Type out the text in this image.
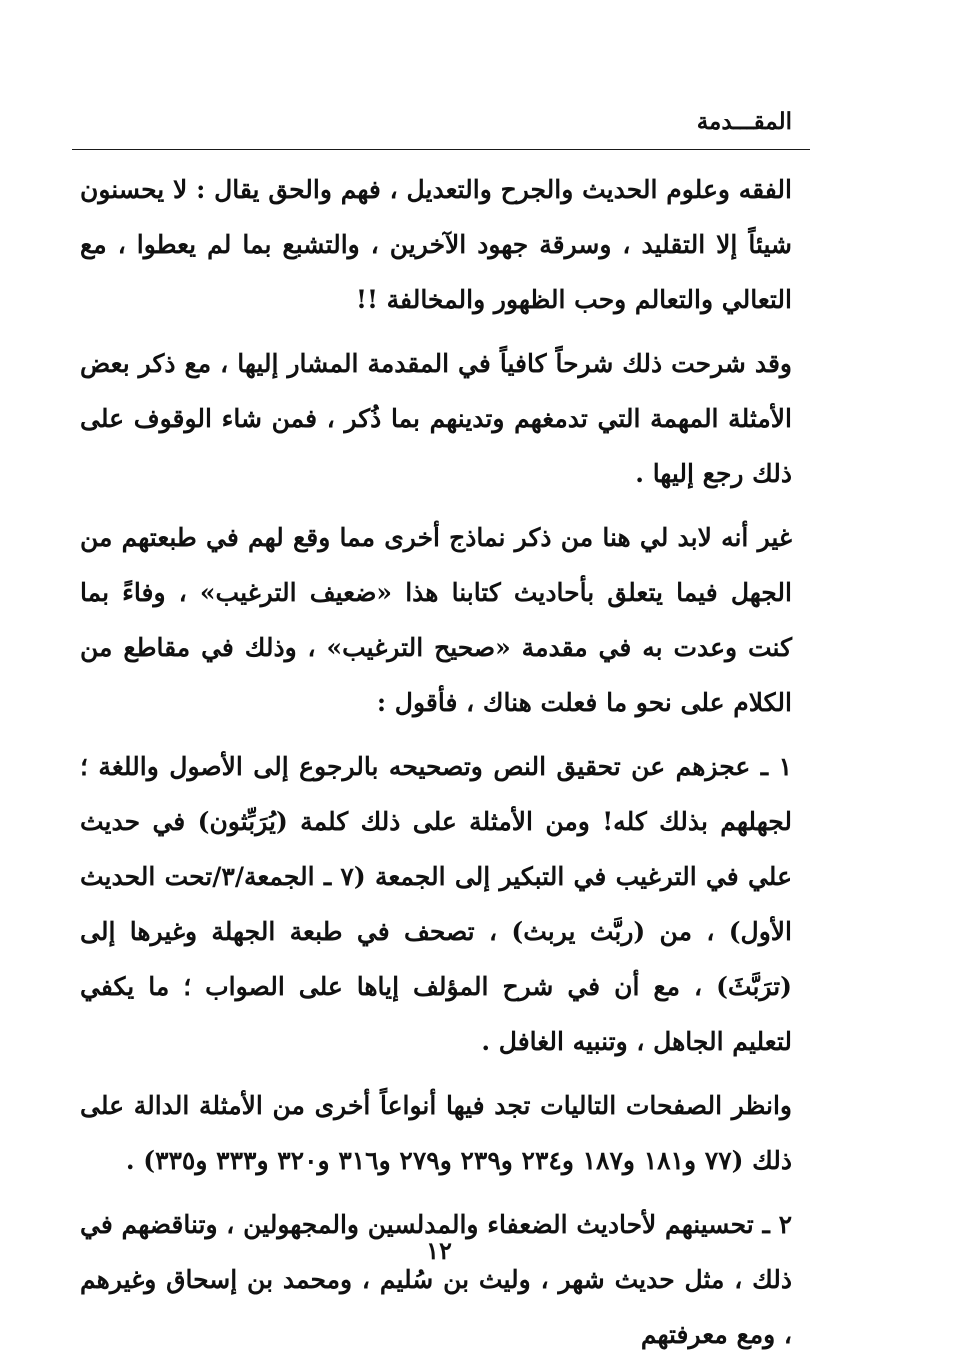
المقـــدمة

الفقه وعلوم الحديث والجرح والتعديل ، فهم والحق يقال : لا يحسنون شيئاً إلا التقليد ، وسرقة جهود الآخرين ، والتشبع بما لم يعطوا ، مع التعالي والتعالم وحب الظهور والمخالفة !!

وقد شرحت ذلك شرحاً كافياً في المقدمة المشار إليها ، مع ذكر بعض الأمثلة المهمة التي تدمغهم وتدينهم بما ذُكر ، فمن شاء الوقوف على ذلك رجع إليها .

غير أنه لابد لي هنا من ذكر نماذج أخرى مما وقع لهم في طبعتهم من الجهل فيما يتعلق بأحاديث كتابنا هذا «ضعيف الترغيب» ، وفاءً بما كنت وعدت به في مقدمة «صحيح الترغيب» ، وذلك في مقاطع من الكلام على نحو ما فعلت هناك ، فأقول :

١ ـ عجزهم عن تحقيق النص وتصحيحه بالرجوع إلى الأصول واللغة ؛ لجهلهم بذلك كله! ومن الأمثلة على ذلك كلمة (يُرَبِّثون) في حديث علي في الترغيب في التبكير إلى الجمعة (٧ ـ الجمعة/٣/تحت الحديث الأول) ، من (ربَّث يربث) ، تصحف في طبعة الجهلة وغيرها إلى (ترَبَّثَ) ، مع أن في شرح المؤلف إياها على الصواب ؛ ما يكفي لتعليم الجاهل ، وتنبيه الغافل .

وانظر الصفحات التاليات تجد فيها أنواعاً أخرى من الأمثلة الدالة على ذلك (٧٧ و١٨١ و١٨٧ و٢٣٤ و٢٣٩ و٢٧٩ و٣١٦ و٣٢٠ و٣٣٣ و٣٣٥) .

٢ ـ تحسينهم لأحاديث الضعفاء والمدلسين والمجهولين ، وتناقضهم في ذلك ، مثل حديث شهر ، وليث بن سُليم ، ومحمد بن إسحاق وغيرهم ، ومع معرفتهم

١٢
